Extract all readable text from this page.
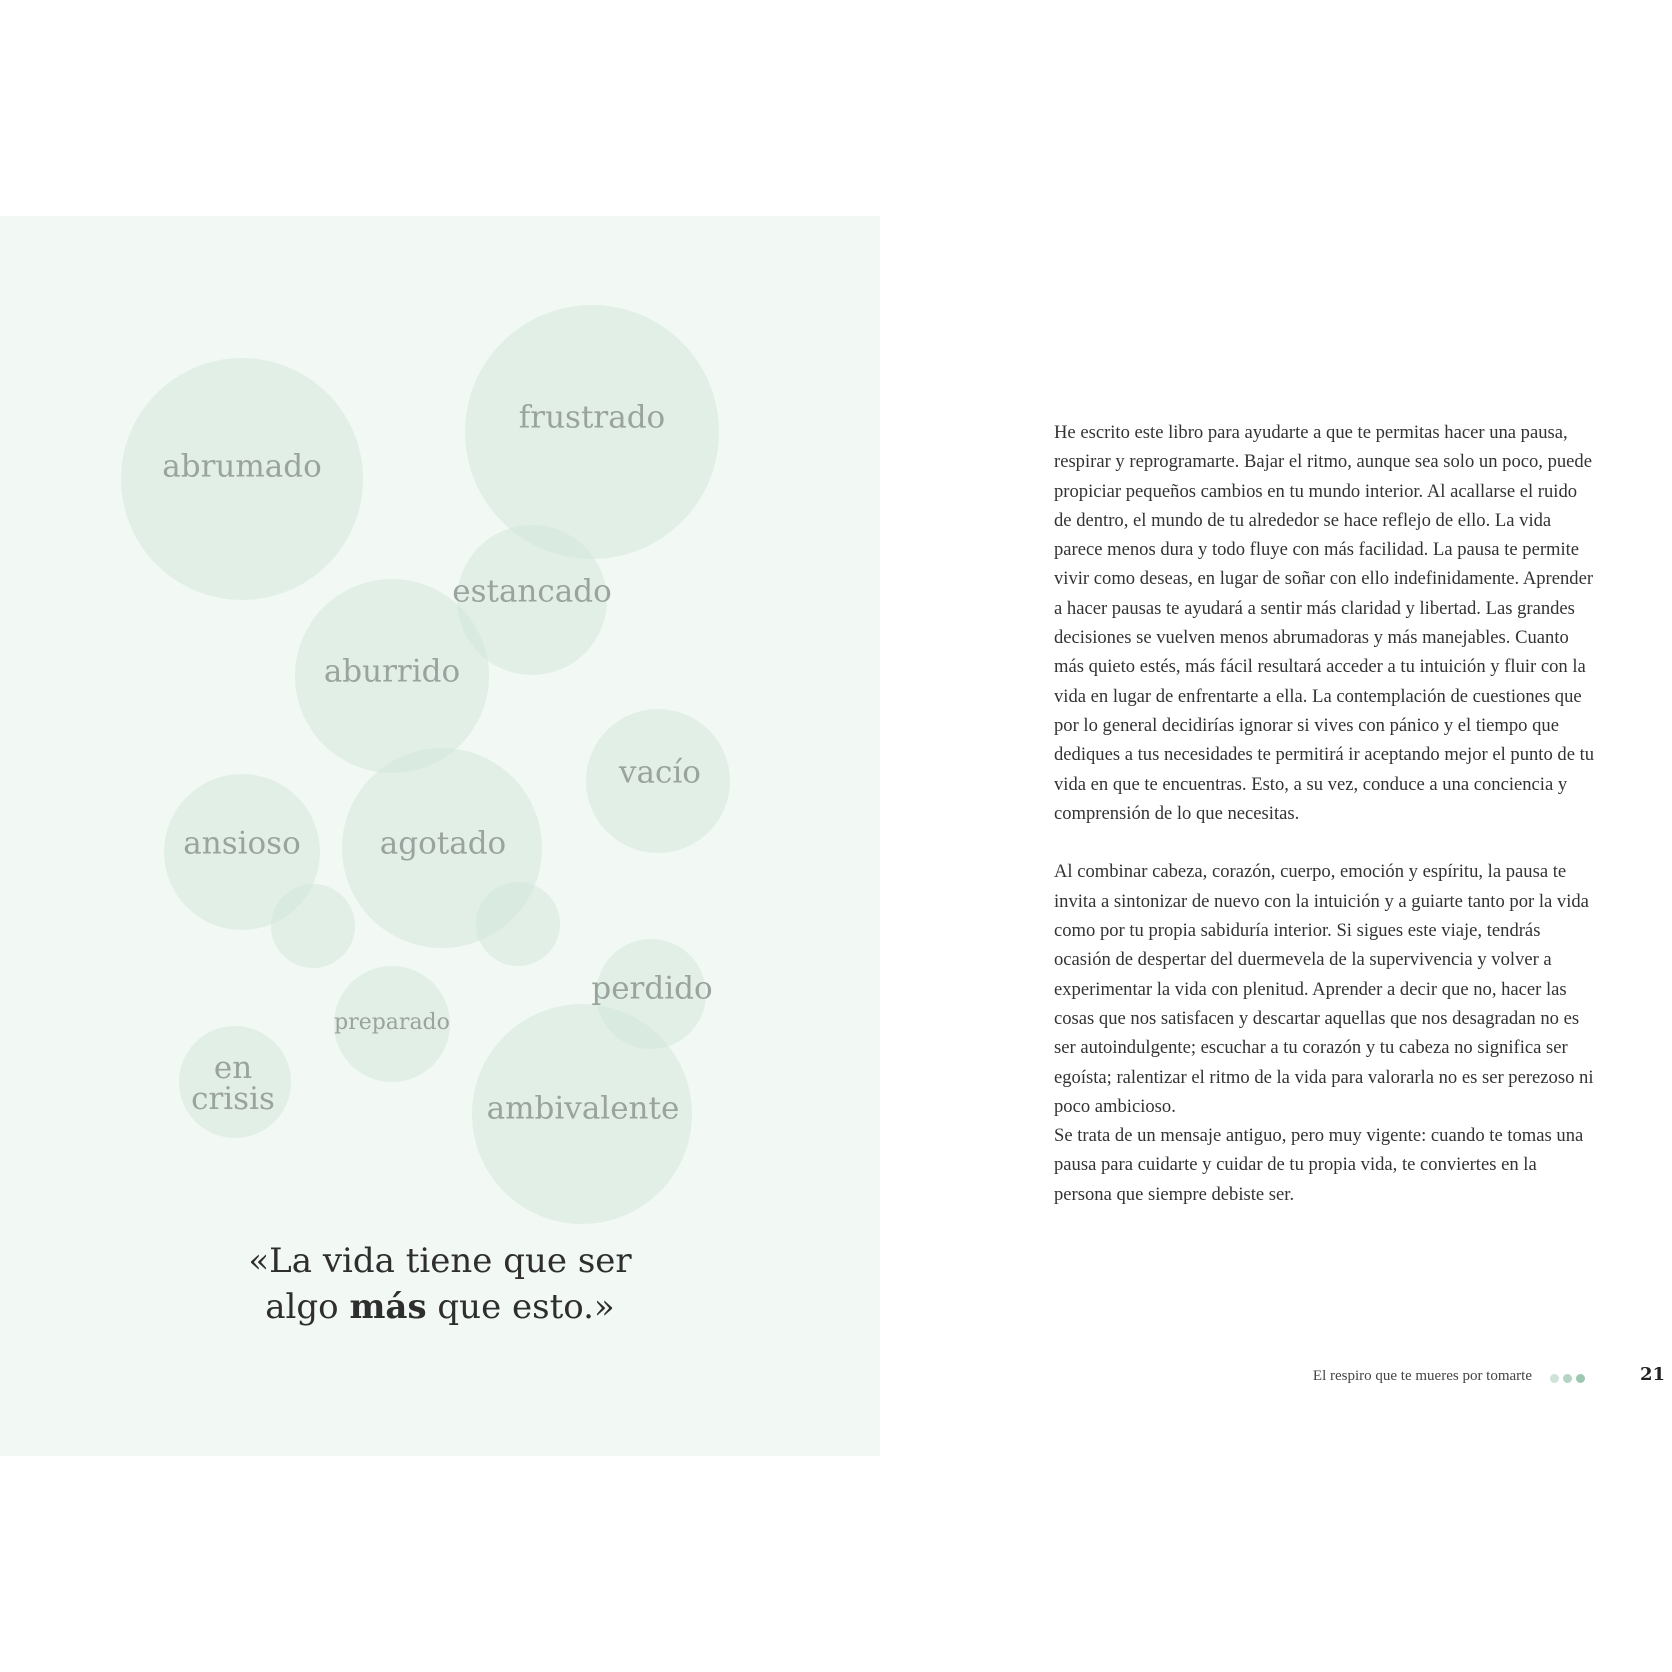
abrumado
frustrado
estancado
aburrido
vacío
ansioso	agotado
perdido
preparado
en
crisis	ambivalente
«La vida tiene que ser
algo más que esto.»

He escrito este libro para ayudarte a que te permitas hacer una pausa, respirar y reprogramarte. Bajar el ritmo, aunque sea solo un poco, puede propiciar pequeños cambios en tu mundo interior. Al acallarse el ruido de dentro, el mundo de tu alrededor se hace reflejo de ello. La vida parece menos dura y todo fluye con más facilidad. La pausa te permite vivir como deseas, en lugar de soñar con ello indefinidamente. Aprender a hacer pausas te ayudará a sentir más claridad y libertad. Las grandes decisiones se vuelven menos abrumadoras y más manejables. Cuanto más quieto estés, más fácil resultará acceder a tu intuición y fluir con la vida en lugar de enfrentarte a ella. La contemplación de cuestiones que por lo general decidirías ignorar si vives con pánico y el tiempo que dediques a tus necesidades te permitirá ir aceptando mejor el punto de tu vida en que te encuentras. Esto, a su vez, conduce a una conciencia y comprensión de lo que necesitas.

Al combinar cabeza, corazón, cuerpo, emoción y espíritu, la pausa te invita a sintonizar de nuevo con la intuición y a guiarte tanto por la vida como por tu propia sabiduría interior. Si sigues este viaje, tendrás ocasión de despertar del duermevela de la supervivencia y volver a experimentar la vida con plenitud. Aprender a decir que no, hacer las cosas que nos satisfacen y descartar aquellas que nos desagradan no es ser autoindulgente; escuchar a tu corazón y tu cabeza no significa ser egoísta; ralentizar el ritmo de la vida para valorarla no es ser perezoso ni poco ambicioso.

Se trata de un mensaje antiguo, pero muy vigente: cuando te tomas una pausa para cuidarte y cuidar de tu propia vida, te conviertes en la persona que siempre debiste ser.

El respiro que te mueres por tomarte	21
